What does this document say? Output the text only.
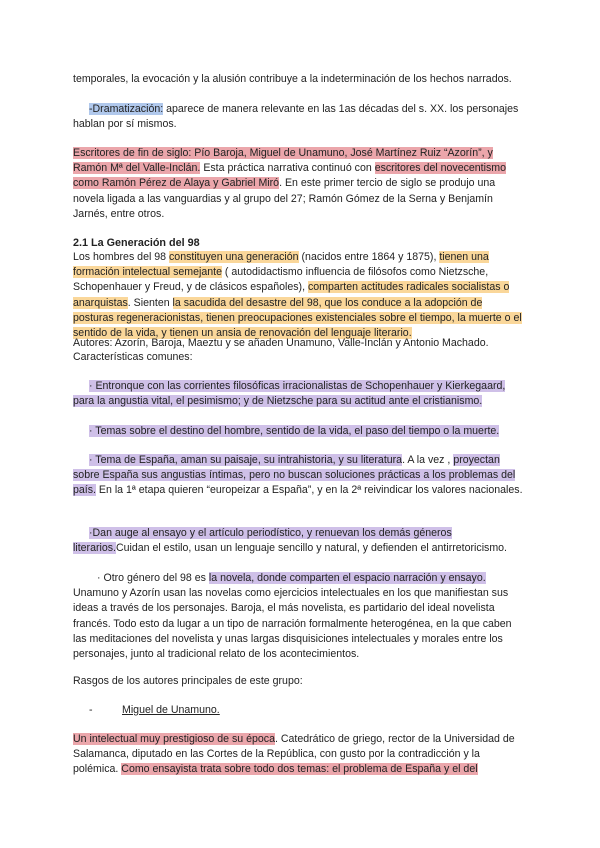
temporales, la evocación y la alusión contribuye a la indeterminación de los hechos narrados.

-Dramatización: aparece de manera relevante en las 1as décadas del s. XX. los personajes hablan por sí mismos.

Escritores de fin de siglo: Pío Baroja, Miguel de Unamuno, José Martínez Ruiz “Azorín”, y Ramón Mª del Valle-Inclán. Esta práctica narrativa continuó con escritores del novecentismo como Ramón Pérez de Alaya y Gabriel Miró. En este primer tercio de siglo se produjo una novela ligada a las vanguardias y al grupo del 27; Ramón Gómez de la Serna y Benjamín Jarnés, entre otros.

2.1 La Generación del 98

Los hombres del 98 constituyen una generación (nacidos entre 1864 y 1875), tienen una formación intelectual semejante ( autodidactismo influencia de filósofos como Nietzsche, Schopenhauer y Freud, y de clásicos españoles), comparten actitudes radicales socialistas o anarquistas. Sienten la sacudida del desastre del 98, que los conduce a la adopción de posturas regeneracionistas, tienen preocupaciones existenciales sobre el tiempo, la muerte o el sentido de la vida, y tienen un ansia de renovación del lenguaje literario.

Autores: Azorín, Baroja, Maeztu y se añaden Unamuno, Valle-Inclán y Antonio Machado.

Características comunes:

· Entronque con las corrientes filosóficas irracionalistas de Schopenhauer y Kierkegaard, para la angustia vital, el pesimismo; y de Nietzsche para su actitud ante el cristianismo.

· Temas sobre el destino del hombre, sentido de la vida, el paso del tiempo o la muerte.

· Tema de España, aman su paisaje, su intrahistoria, y su literatura. A la vez , proyectan sobre España sus angustias íntimas, pero no buscan soluciones prácticas a los problemas del país. En la 1ª etapa quieren “europeizar a España”, y en la 2ª reivindicar los valores nacionales.

·Dan auge al ensayo y el artículo periodístico, y renuevan los demás géneros literarios.Cuidan el estilo, usan un lenguaje sencillo y natural, y defienden el antirretoricismo.

· Otro género del 98 es la novela, donde comparten el espacio narración y ensayo. Unamuno y Azorín usan las novelas como ejercicios intelectuales en los que manifiestan sus ideas a través de los personajes. Baroja, el más novelista, es partidario del ideal novelista francés. Todo esto da lugar a un tipo de narración formalmente heterogénea, en la que caben las meditaciones del novelista y unas largas disquisiciones intelectuales y morales entre los personajes, junto al tradicional relato de los acontecimientos.

Rasgos de los autores principales de este grupo:

-	Miguel de Unamuno.

Un intelectual muy prestigioso de su época. Catedrático de griego, rector de la Universidad de Salamanca, diputado en las Cortes de la República, con gusto por la contradicción y la polémica. Como ensayista trata sobre todo dos temas: el problema de España y el del
